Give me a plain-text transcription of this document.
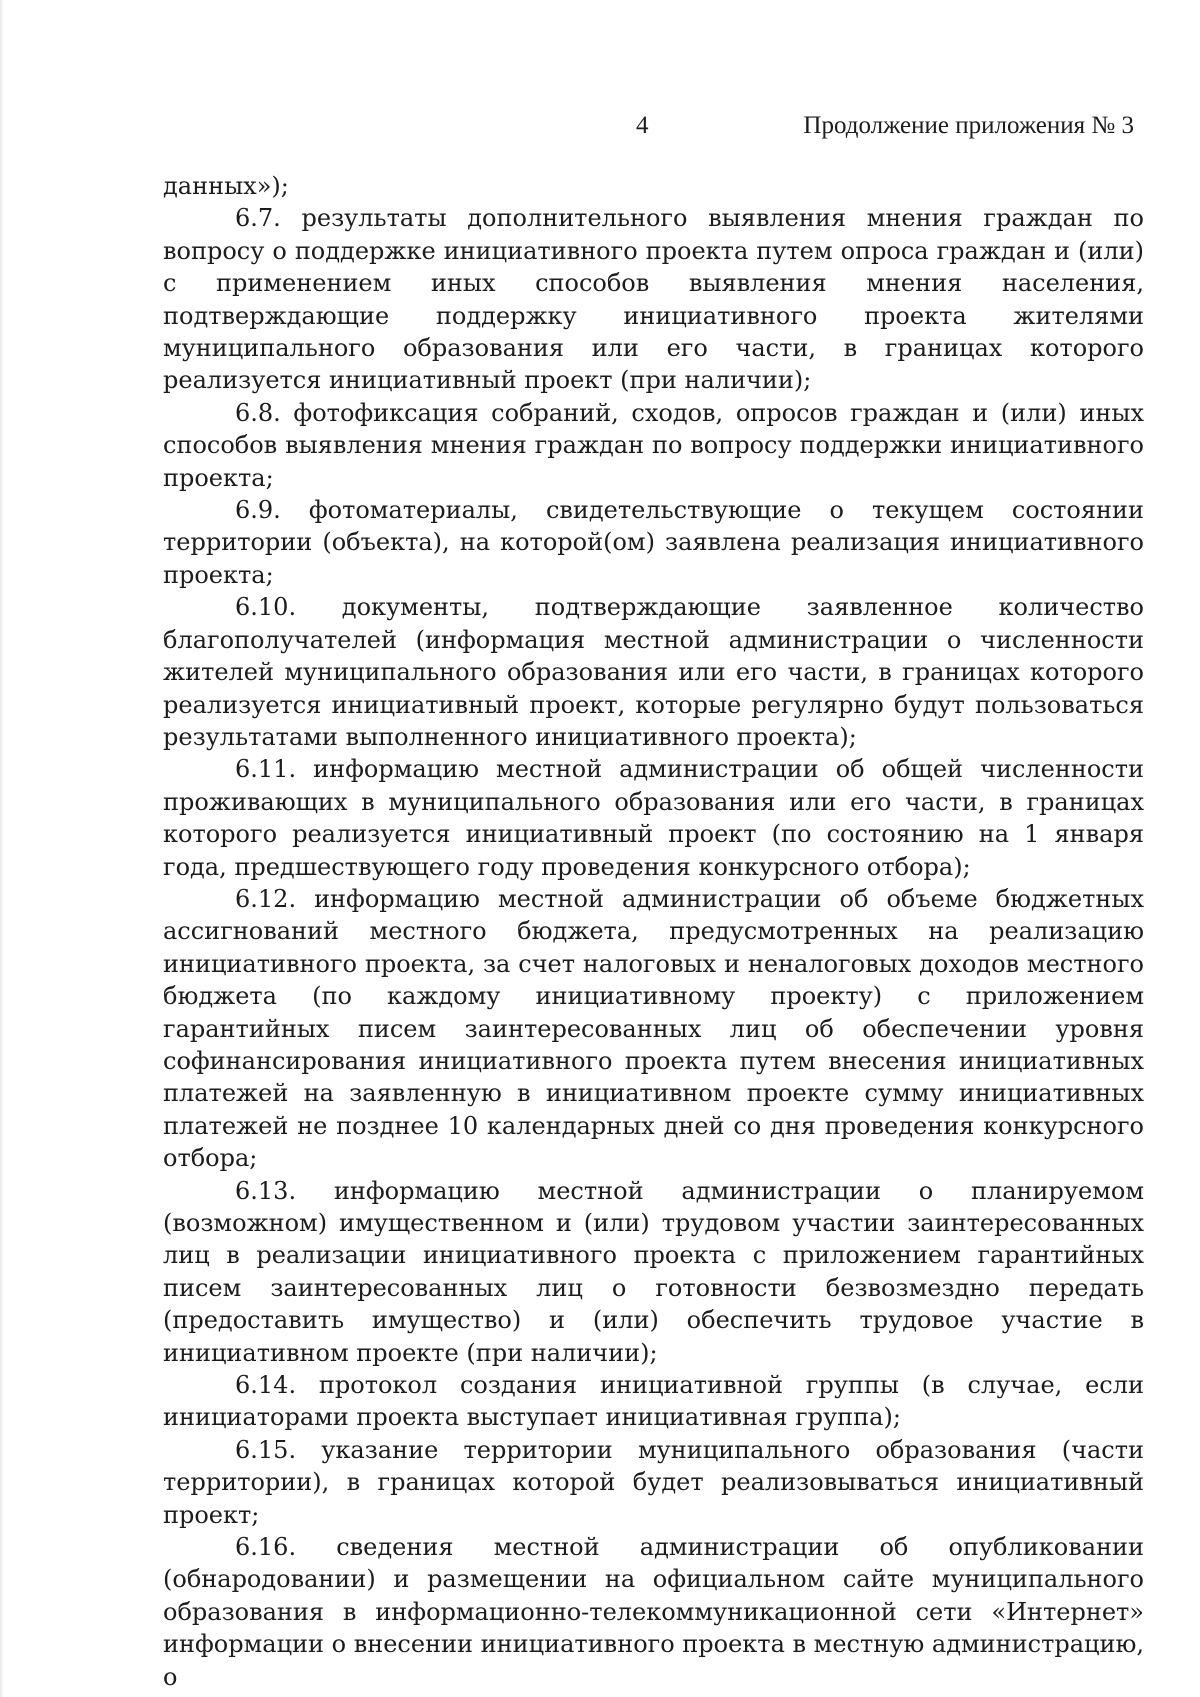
4	Продолжение приложения № 3

данных»);

6.7. результаты дополнительного выявления мнения граждан по вопросу о поддержке инициативного проекта путем опроса граждан и (или) с применением иных способов выявления мнения населения, подтверждающие поддержку инициативного проекта жителями муниципального образования или его части, в границах которого реализуется инициативный проект (при наличии);

6.8. фотофиксация собраний, сходов, опросов граждан и (или) иных способов выявления мнения граждан по вопросу поддержки инициативного проекта;

6.9. фотоматериалы, свидетельствующие о текущем состоянии территории (объекта), на которой(ом) заявлена реализация инициативного проекта;

6.10. документы, подтверждающие заявленное количество благополучателей (информация местной администрации о численности жителей муниципального образования или его части, в границах которого реализуется инициативный проект, которые регулярно будут пользоваться результатами выполненного инициативного проекта);

6.11. информацию местной администрации об общей численности проживающих в муниципального образования или его части, в границах которого реализуется инициативный проект (по состоянию на 1 января года, предшествующего году проведения конкурсного отбора);

6.12. информацию местной администрации об объеме бюджетных ассигнований местного бюджета, предусмотренных на реализацию инициативного проекта, за счет налоговых и неналоговых доходов местного бюджета (по каждому инициативному проекту) с приложением гарантийных писем заинтересованных лиц об обеспечении уровня софинансирования инициативного проекта путем внесения инициативных платежей на заявленную в инициативном проекте сумму инициативных платежей не позднее 10 календарных дней со дня проведения конкурсного отбора;

6.13. информацию местной администрации о планируемом (возможном) имущественном и (или) трудовом участии заинтересованных лиц в реализации инициативного проекта с приложением гарантийных писем заинтересованных лиц о готовности безвозмездно передать (предоставить имущество) и (или) обеспечить трудовое участие в инициативном проекте (при наличии);

6.14. протокол создания инициативной группы (в случае, если инициаторами проекта выступает инициативная группа);

6.15. указание территории муниципального образования (части территории), в границах которой будет реализовываться инициативный проект;

6.16. сведения местной администрации об опубликовании (обнародовании) и размещении на официальном сайте муниципального образования в информационно-телекоммуникационной сети «Интернет» информации о внесении инициативного проекта в местную администрацию, о
